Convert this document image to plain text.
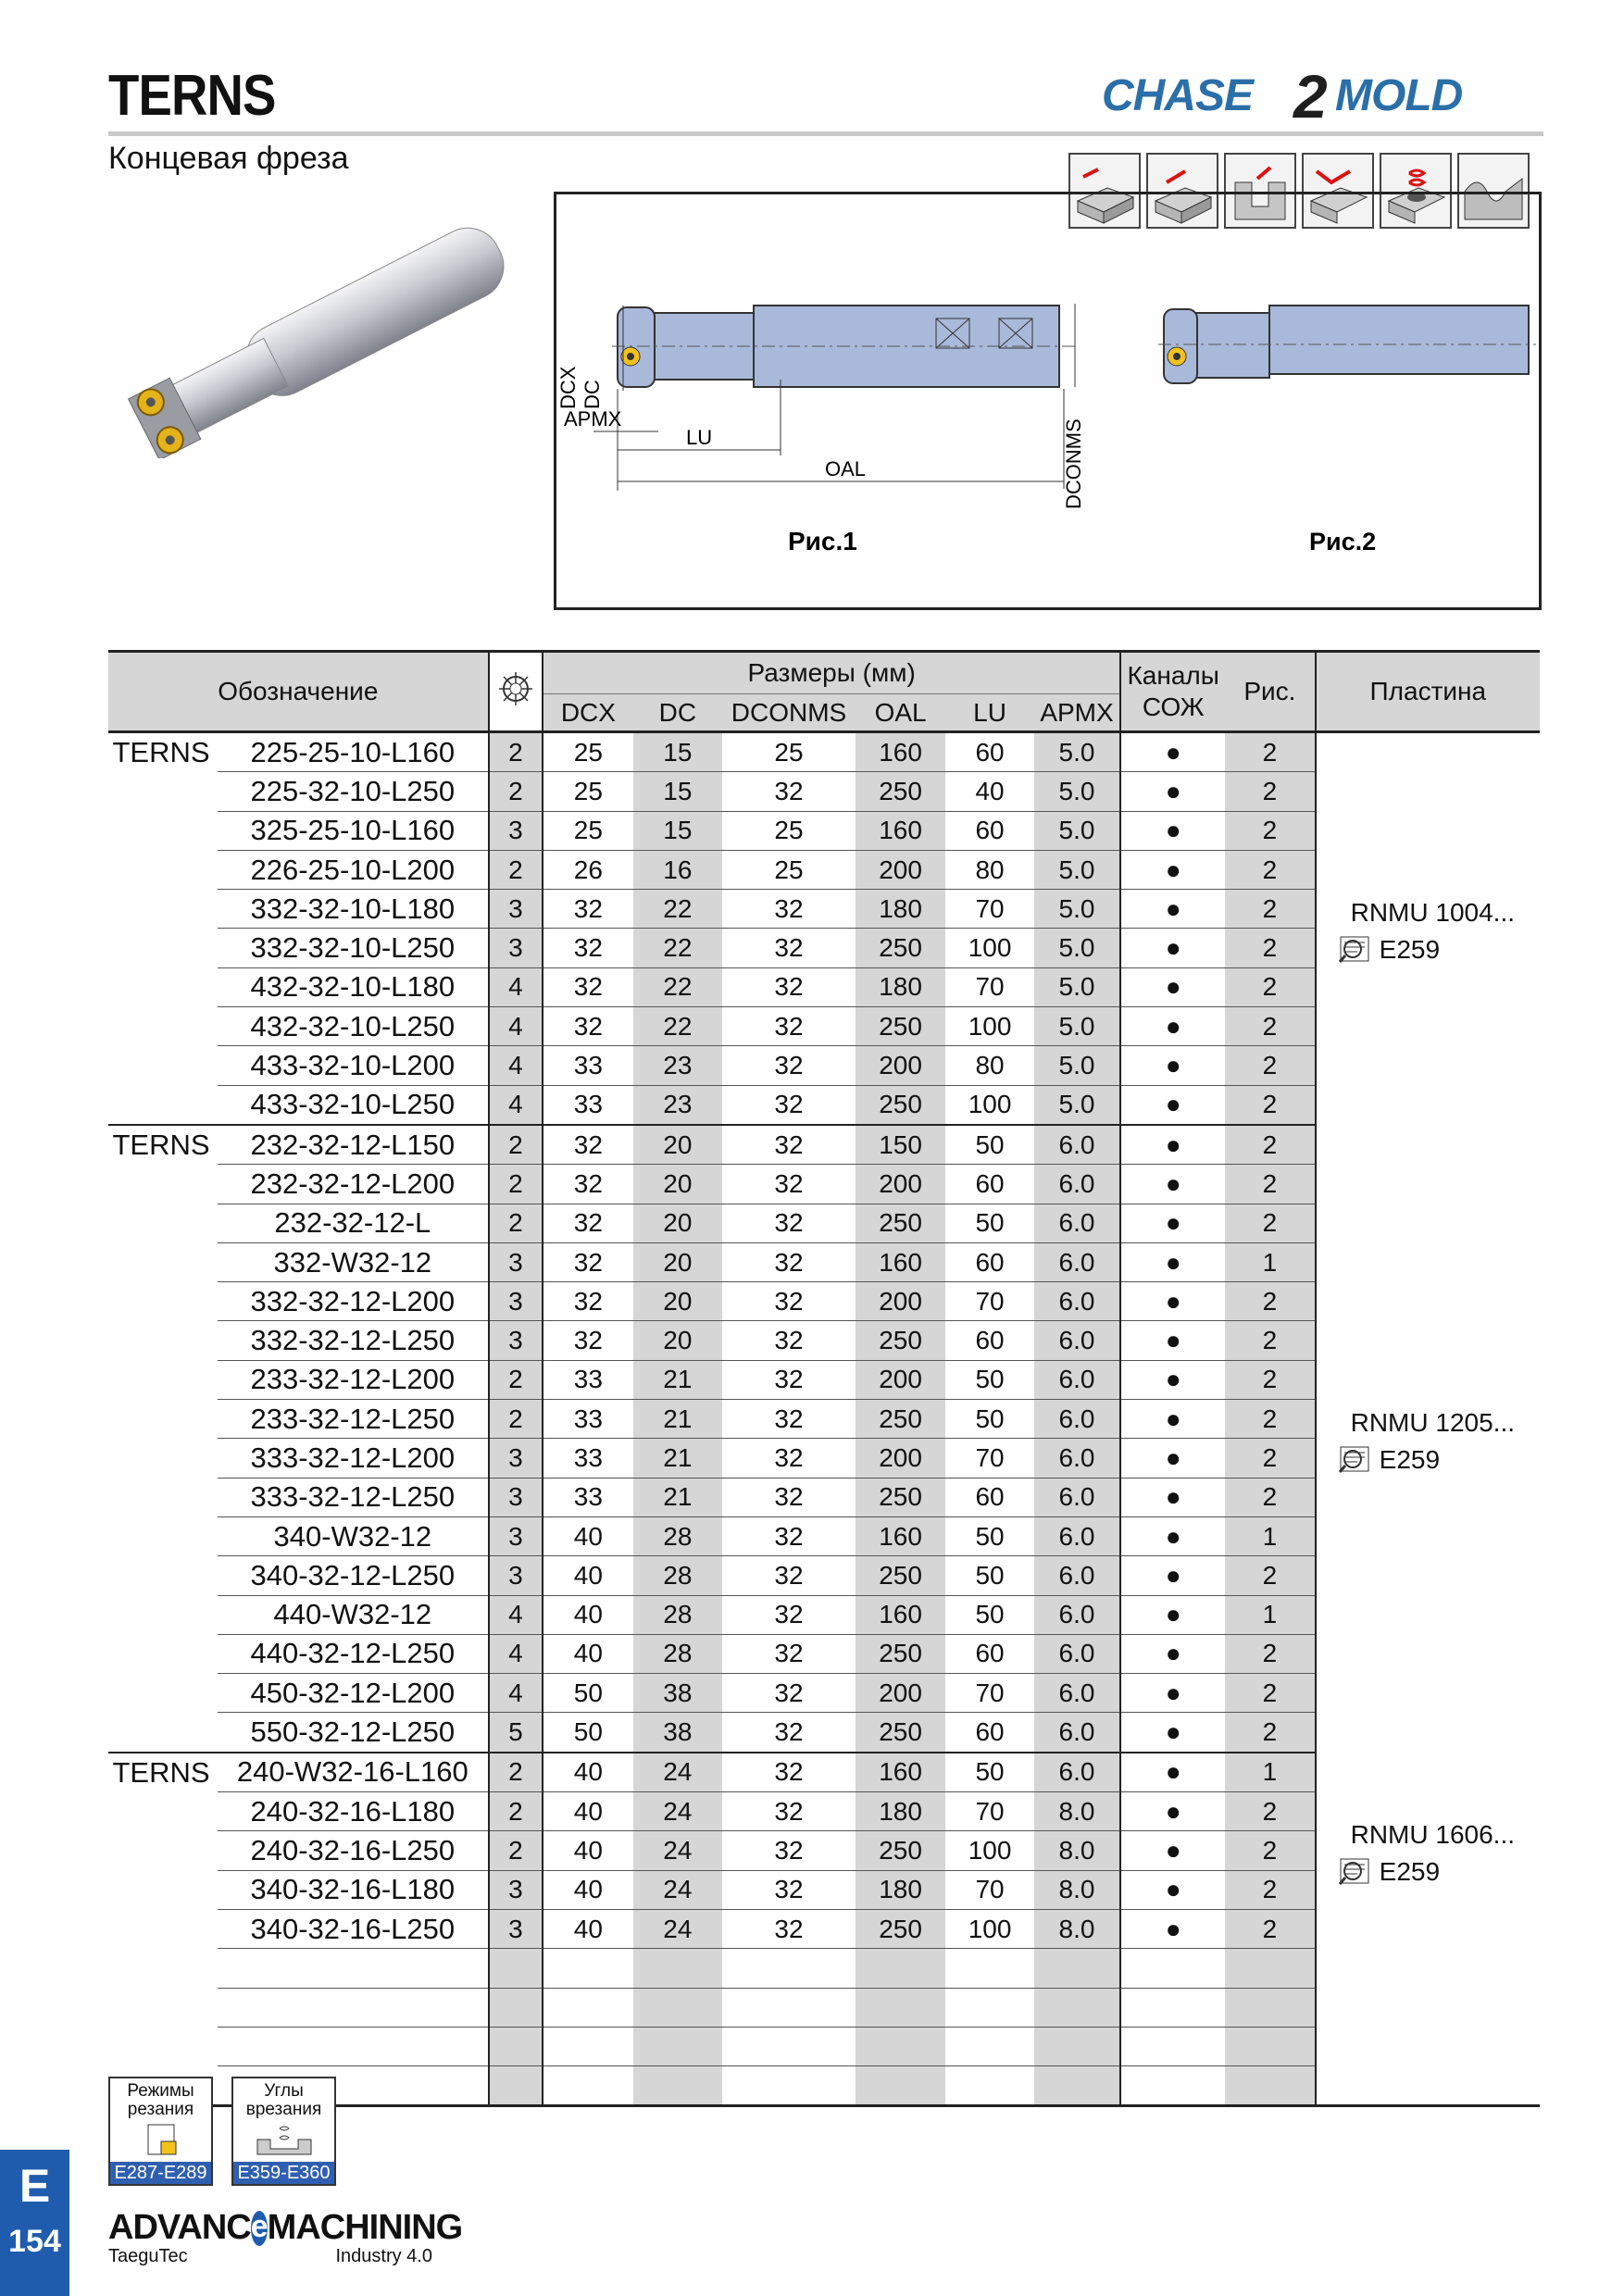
TERNS
Концевая фреза
CHASE 2 MOLD
DCX DC
APMX
LU
OAL	DCONMS
Рис.1	Рис.2
Обозначение			Размеры (мм)						Каналы СОЖ	Рис.	Пластина
			DCX	DC	DCONMS	OAL	LU	APMX			
TERNS	225-25-10-L160	2	25	15	25	160	60	5.0	●	2	RNMU 1004...
E259

	225-32-10-L250	2	25	15	32	250	40	5.0	●	2	
	325-25-10-L160	3	25	15	25	160	60	5.0	●	2	
	226-25-10-L200	2	26	16	25	200	80	5.0	●	2	
	332-32-10-L180	3	32	22	32	180	70	5.0	●	2	
	332-32-10-L250	3	32	22	32	250	100	5.0	●	2	
	432-32-10-L180	4	32	22	32	180	70	5.0	●	2	
	432-32-10-L250	4	32	22	32	250	100	5.0	●	2	
	433-32-10-L200	4	33	23	32	200	80	5.0	●	2	
	433-32-10-L250	4	33	23	32	250	100	5.0	●	2	
TERNS	232-32-12-L150	2	32	20	32	150	50	6.0	●	2	RNMU 1205...
E259

	232-32-12-L200	2	32	20	32	200	60	6.0	●	2	
	232-32-12-L	2	32	20	32	250	50	6.0	●	2	
	332-W32-12	3	32	20	32	160	60	6.0	●	1	
	332-32-12-L200	3	32	20	32	200	70	6.0	●	2	
	332-32-12-L250	3	32	20	32	250	60	6.0	●	2	
	233-32-12-L200	2	33	21	32	200	50	6.0	●	2	
	233-32-12-L250	2	33	21	32	250	50	6.0	●	2	
	333-32-12-L200	3	33	21	32	200	70	6.0	●	2	
	333-32-12-L250	3	33	21	32	250	60	6.0	●	2	
	340-W32-12	3	40	28	32	160	50	6.0	●	1	
	340-32-12-L250	3	40	28	32	250	50	6.0	●	2	
	440-W32-12	4	40	28	32	160	50	6.0	●	1	
	440-32-12-L250	4	40	28	32	250	60	6.0	●	2	
	450-32-12-L200	4	50	38	32	200	70	6.0	●	2	
	550-32-12-L250	5	50	38	32	250	60	6.0	●	2	
TERNS	240-W32-16-L160	2	40	24	32	160	50	6.0	●	1	RNMU 1606...
E259

	240-32-16-L180	2	40	24	32	180	70	8.0	●	2	
	240-32-16-L250	2	40	24	32	250	100	8.0	●	2	
	340-32-16-L180	3	40	24	32	180	70	8.0	●	2	
	340-32-16-L250	3	40	24	32	250	100	8.0	●	2	

Режимы резания
E287-E289
Углы врезания
E359-E360
E
154 ADVANC e MACHINING
TaeguTec	Industry 4.0
